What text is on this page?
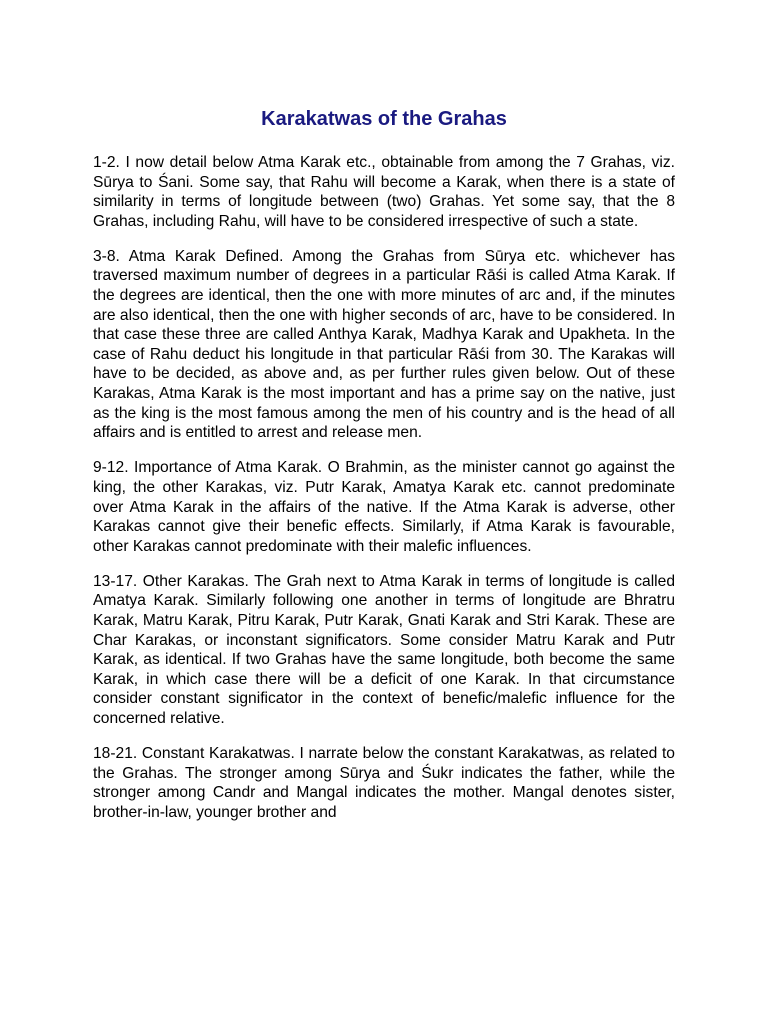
Karakatwas of the Grahas

1-2. I now detail below Atma Karak etc., obtainable from among the 7 Grahas, viz. Sūrya to Śani. Some say, that Rahu will become a Karak, when there is a state of similarity in terms of longitude between (two) Grahas. Yet some say, that the 8 Grahas, including Rahu, will have to be considered irrespective of such a state.

3-8. Atma Karak Defined. Among the Grahas from Sūrya etc. whichever has traversed maximum number of degrees in a particular Rāśi is called Atma Karak. If the degrees are identical, then the one with more minutes of arc and, if the minutes are also identical, then the one with higher seconds of arc, have to be considered. In that case these three are called Anthya Karak, Madhya Karak and Upakheta. In the case of Rahu deduct his longitude in that particular Rāśi from 30. The Karakas will have to be decided, as above and, as per further rules given below. Out of these Karakas, Atma Karak is the most important and has a prime say on the native, just as the king is the most famous among the men of his country and is the head of all affairs and is entitled to arrest and release men.

9-12. Importance of Atma Karak. O Brahmin, as the minister cannot go against the king, the other Karakas, viz. Putr Karak, Amatya Karak etc. cannot predominate over Atma Karak in the affairs of the native. If the Atma Karak is adverse, other Karakas cannot give their benefic effects. Similarly, if Atma Karak is favourable, other Karakas cannot predominate with their malefic influences.

13-17. Other Karakas. The Grah next to Atma Karak in terms of longitude is called Amatya Karak. Similarly following one another in terms of longitude are Bhratru Karak, Matru Karak, Pitru Karak, Putr Karak, Gnati Karak and Stri Karak. These are Char Karakas, or inconstant significators. Some consider Matru Karak and Putr Karak, as identical. If two Grahas have the same longitude, both become the same Karak, in which case there will be a deficit of one Karak. In that circumstance consider constant significator in the context of benefic/malefic influence for the concerned relative.

18-21. Constant Karakatwas. I narrate below the constant Karakatwas, as related to the Grahas. The stronger among Sūrya and Śukr indicates the father, while the stronger among Candr and Mangal indicates the mother. Mangal denotes sister, brother-in-law, younger brother and
